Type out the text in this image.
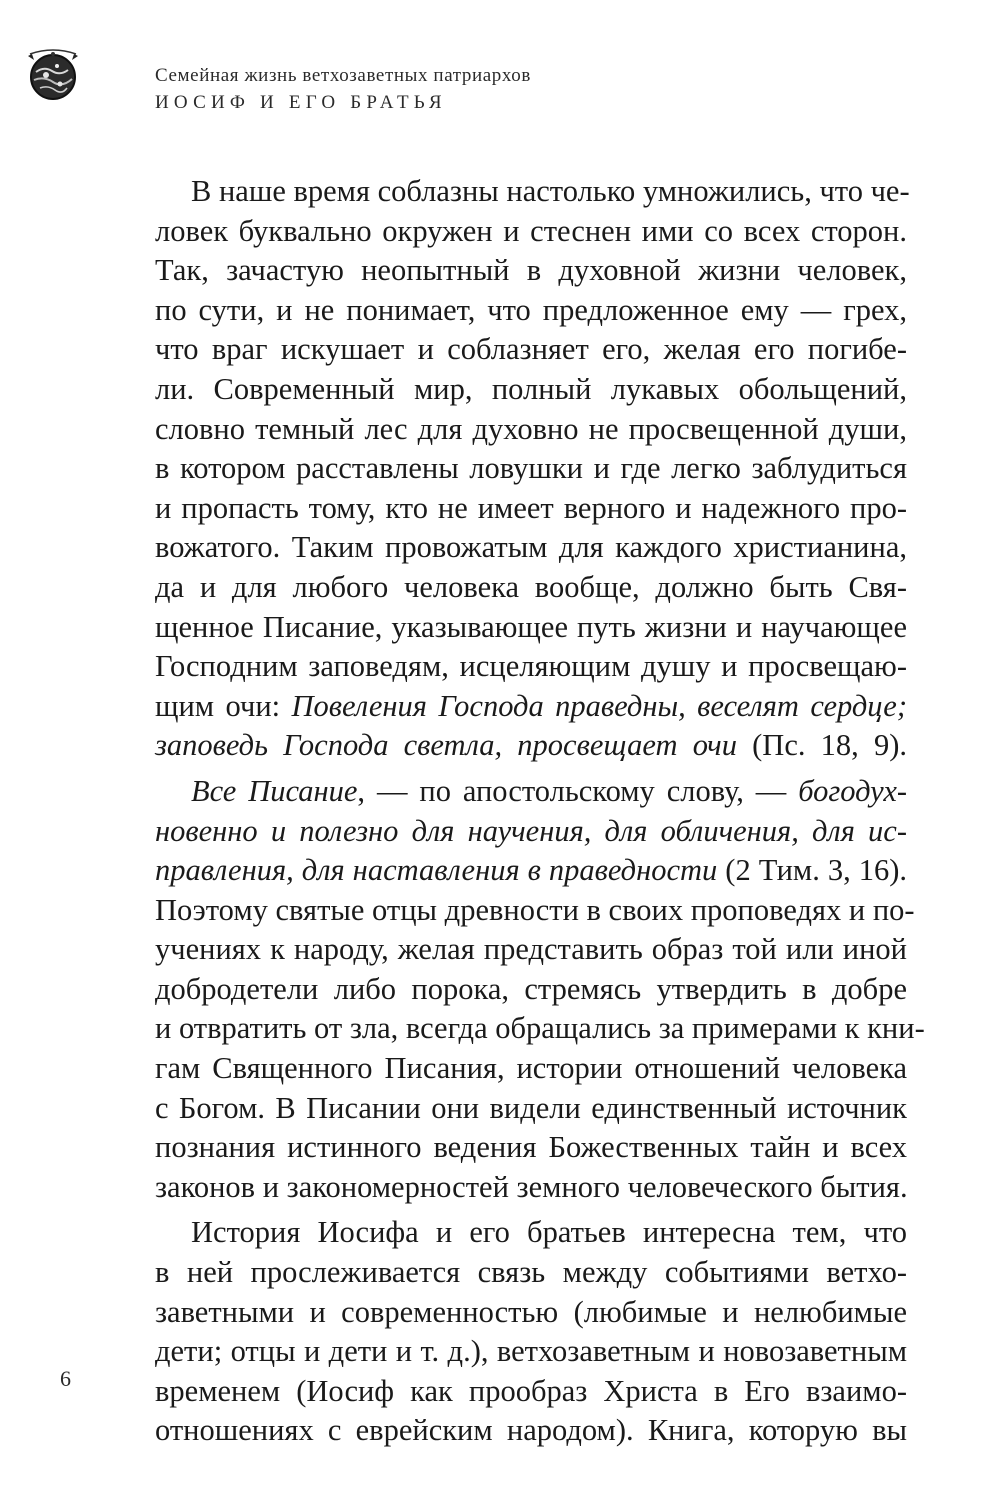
Семейная жизнь ветхозаветных патриархов
ИОСИФ И ЕГО БРАТЬЯ
В наше время соблазны настолько умножились, что че-
ловек буквально окружен и стеснен ими со всех сторон.
Так, зачастую неопытный в духовной жизни человек,
по сути, и не понимает, что предложенное ему — грех,
что враг искушает и соблазняет его, желая его погибе-
ли. Современный мир, полный лукавых обольщений,
словно темный лес для духовно не просвещенной души,
в котором расставлены ловушки и где легко заблудиться
и пропасть тому, кто не имеет верного и надежного про-
вожатого. Таким провожатым для каждого христианина,
да и для любого человека вообще, должно быть Свя-
щенное Писание, указывающее путь жизни и научающее
Господним заповедям, исцеляющим душу и просвещаю-
щим очи: Повеления Господа праведны, веселят сердце;
заповедь Господа светла, просвещает очи (Пс. 18, 9).
Все Писание, — по апостольскому слову, — богодух-
новенно и полезно для научения, для обличения, для ис-
правления, для наставления в праведности (2 Тим. 3, 16).
Поэтому святые отцы древности в своих проповедях и по-
учениях к народу, желая представить образ той или иной
добродетели либо порока, стремясь утвердить в добре
и отвратить от зла, всегда обращались за примерами к кни-
гам Священного Писания, истории отношений человека
с Богом. В Писании они видели единственный источник
познания истинного ведения Божественных тайн и всех
законов и закономерностей земного человеческого бытия.
История Иосифа и его братьев интересна тем, что
в ней прослеживается связь между событиями ветхо-
заветными и современностью (любимые и нелюбимые
дети; отцы и дети и т. д.), ветхозаветным и новозаветным
временем (Иосиф как прообраз Христа в Его взаимо-
отношениях с еврейским народом). Книга, которую вы
6
